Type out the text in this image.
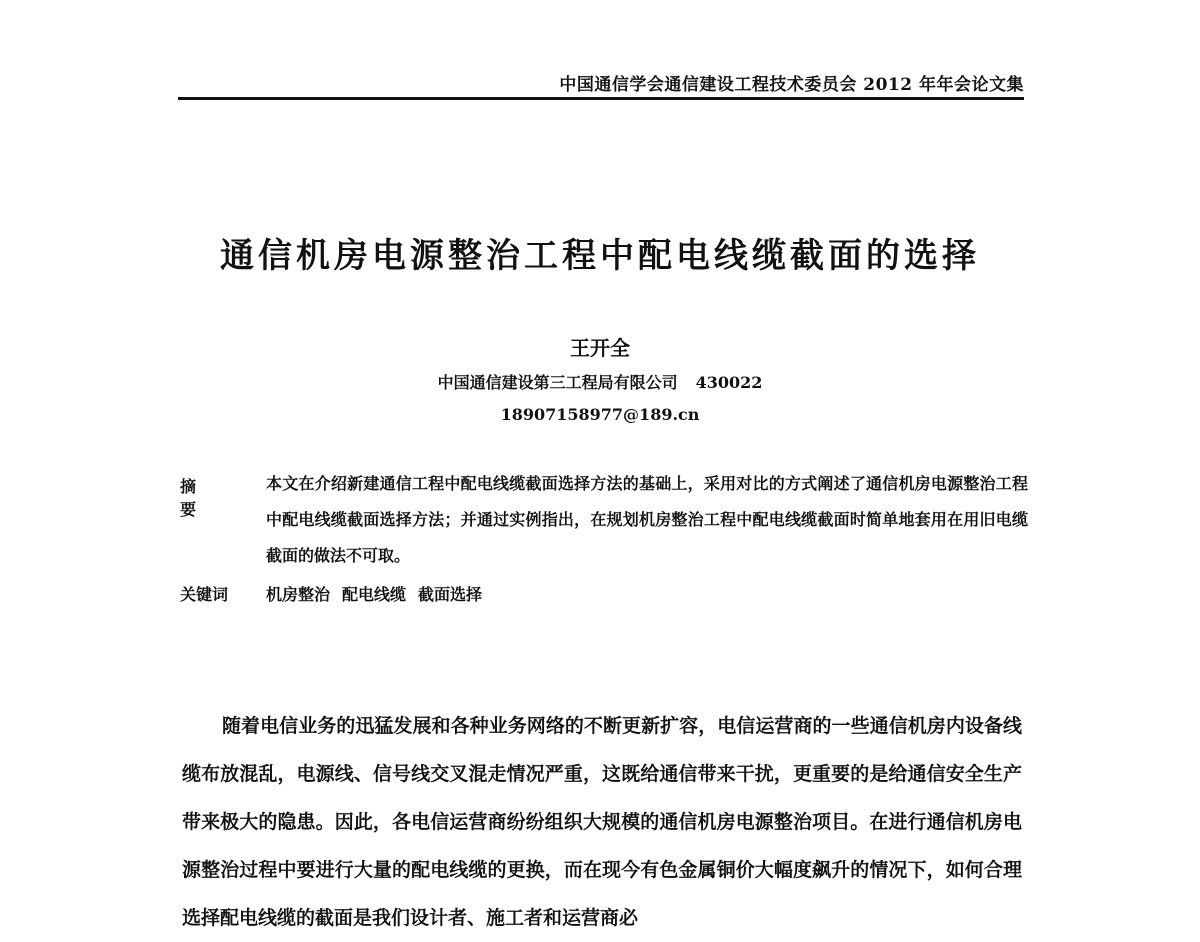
中国通信学会通信建设工程技术委员会 2012 年年会论文集
通信机房电源整治工程中配电线缆截面的选择
王开全
中国通信建设第三工程局有限公司 430022
18907158977@189.cn
摘要
本文在介绍新建通信工程中配电线缆截面选择方法的基础上，采用对比的方式阐述了通信机房电源整治工程中配电线缆截面选择方法；并通过实例指出，在规划机房整治工程中配电线缆截面时简单地套用在用旧电缆截面的做法不可取。
关键词 机房整治 配电线缆 截面选择

随着电信业务的迅猛发展和各种业务网络的不断更新扩容，电信运营商的一些通信机房内设备线缆布放混乱，电源线、信号线交叉混走情况严重，这既给通信带来干扰，更重要的是给通信安全生产带来极大的隐患。因此，各电信运营商纷纷组织大规模的通信机房电源整治项目。在进行通信机房电源整治过程中要进行大量的配电线缆的更换，而在现今有色金属铜价大幅度飙升的情况下，如何合理选择配电线缆的截面是我们设计者、施工者和运营商必
